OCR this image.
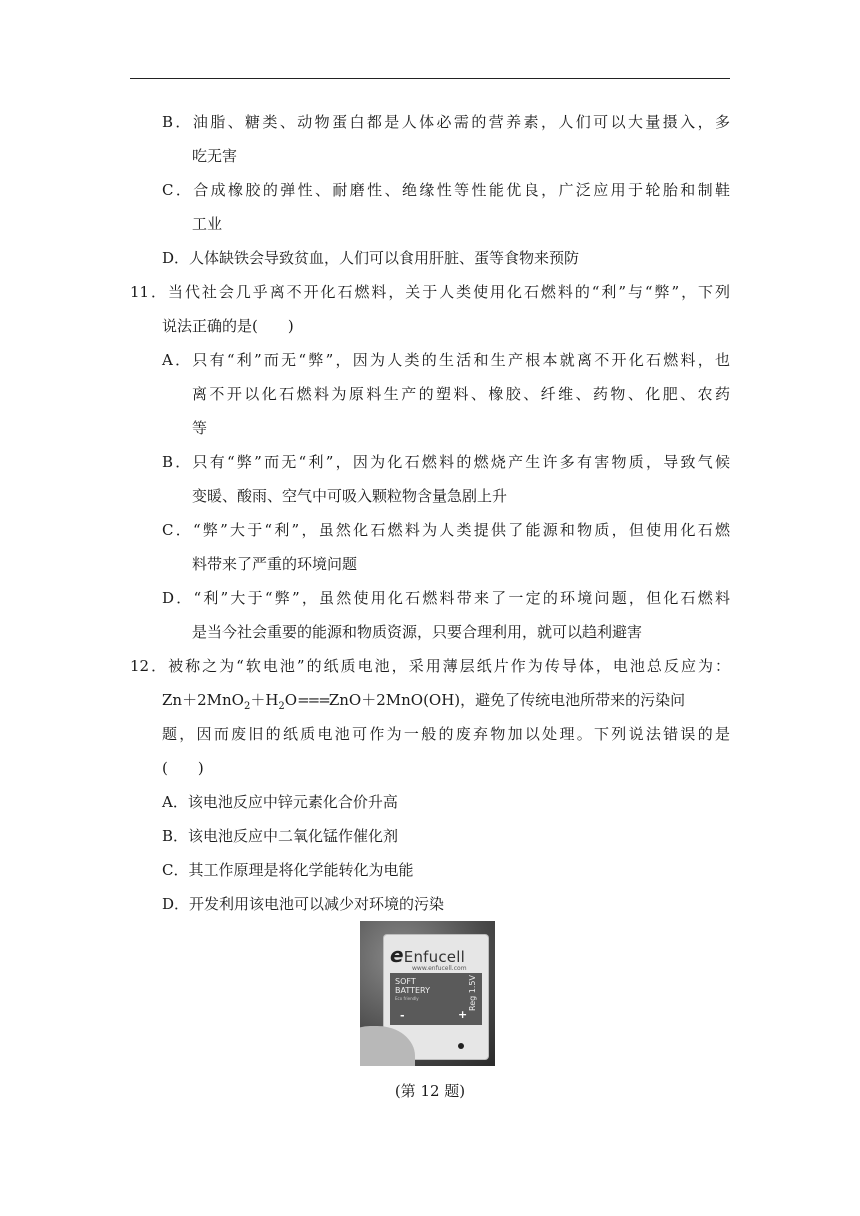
B．油脂、糖类、动物蛋白都是人体必需的营养素，人们可以大量摄入，多
吃无害
C．合成橡胶的弹性、耐磨性、绝缘性等性能优良，广泛应用于轮胎和制鞋
工业
D．人体缺铁会导致贫血，人们可以食用肝脏、蛋等食物来预防
11．当代社会几乎离不开化石燃料，关于人类使用化石燃料的“利”与“弊”，下列
说法正确的是(　　)
A．只有“利”而无“弊”，因为人类的生活和生产根本就离不开化石燃料，也
离不开以化石燃料为原料生产的塑料、橡胶、纤维、药物、化肥、农药
等
B．只有“弊”而无“利”，因为化石燃料的燃烧产生许多有害物质，导致气候
变暖、酸雨、空气中可吸入颗粒物含量急剧上升
C．“弊”大于“利”，虽然化石燃料为人类提供了能源和物质，但使用化石燃
料带来了严重的环境问题
D．“利”大于“弊”，虽然使用化石燃料带来了一定的环境问题，但化石燃料
是当今社会重要的能源和物质资源，只要合理利用，就可以趋利避害
12．被称之为“软电池”的纸质电池，采用薄层纸片作为传导体，电池总反应为：
$Zn+2MnO_2+H_2O===ZnO+2MnO(OH)$，避免了传统电池所带来的污染问
题，因而废旧的纸质电池可作为一般的废弃物加以处理。下列说法错误的是
(　　)
A．该电池反应中锌元素化合价升高
B．该电池反应中二氧化锰作催化剂
C．其工作原理是将化学能转化为电能
D．开发利用该电池可以减少对环境的污染
eEnfucell
www.enfucell.com
SOFT
BATTERY
Eco friendly	Reg 1.5V
-	+
(第 12 题)
